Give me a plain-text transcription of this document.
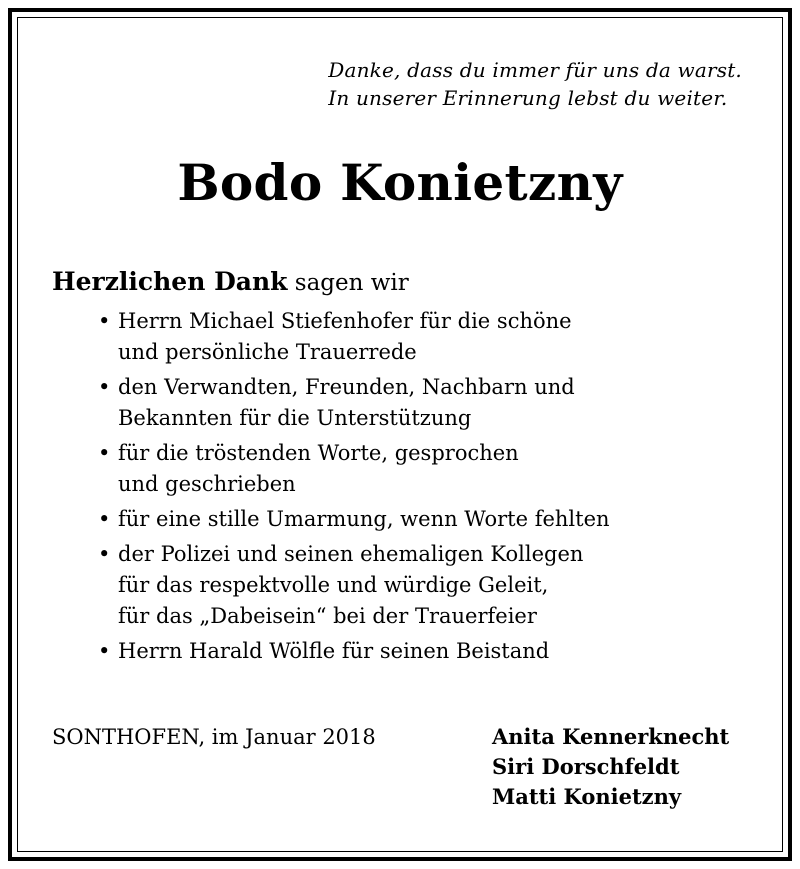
Danke, dass du immer für uns da warst.
In unserer Erinnerung lebst du weiter.
Bodo Konietzny
Herzlichen Dank sagen wir
• Herrn Michael Stiefenhofer für die schöne
und persönliche Trauerrede
• den Verwandten, Freunden, Nachbarn und
Bekannten für die Unterstützung
• für die tröstenden Worte, gesprochen
und geschrieben
• für eine stille Umarmung, wenn Worte fehlten
• der Polizei und seinen ehemaligen Kollegen
für das respektvolle und würdige Geleit,
für das „Dabeisein“ bei der Trauerfeier
• Herrn Harald Wölfle für seinen Beistand
SONTHOFEN, im Januar 2018	Anita Kennerknecht
Siri Dorschfeldt
Matti Konietzny
